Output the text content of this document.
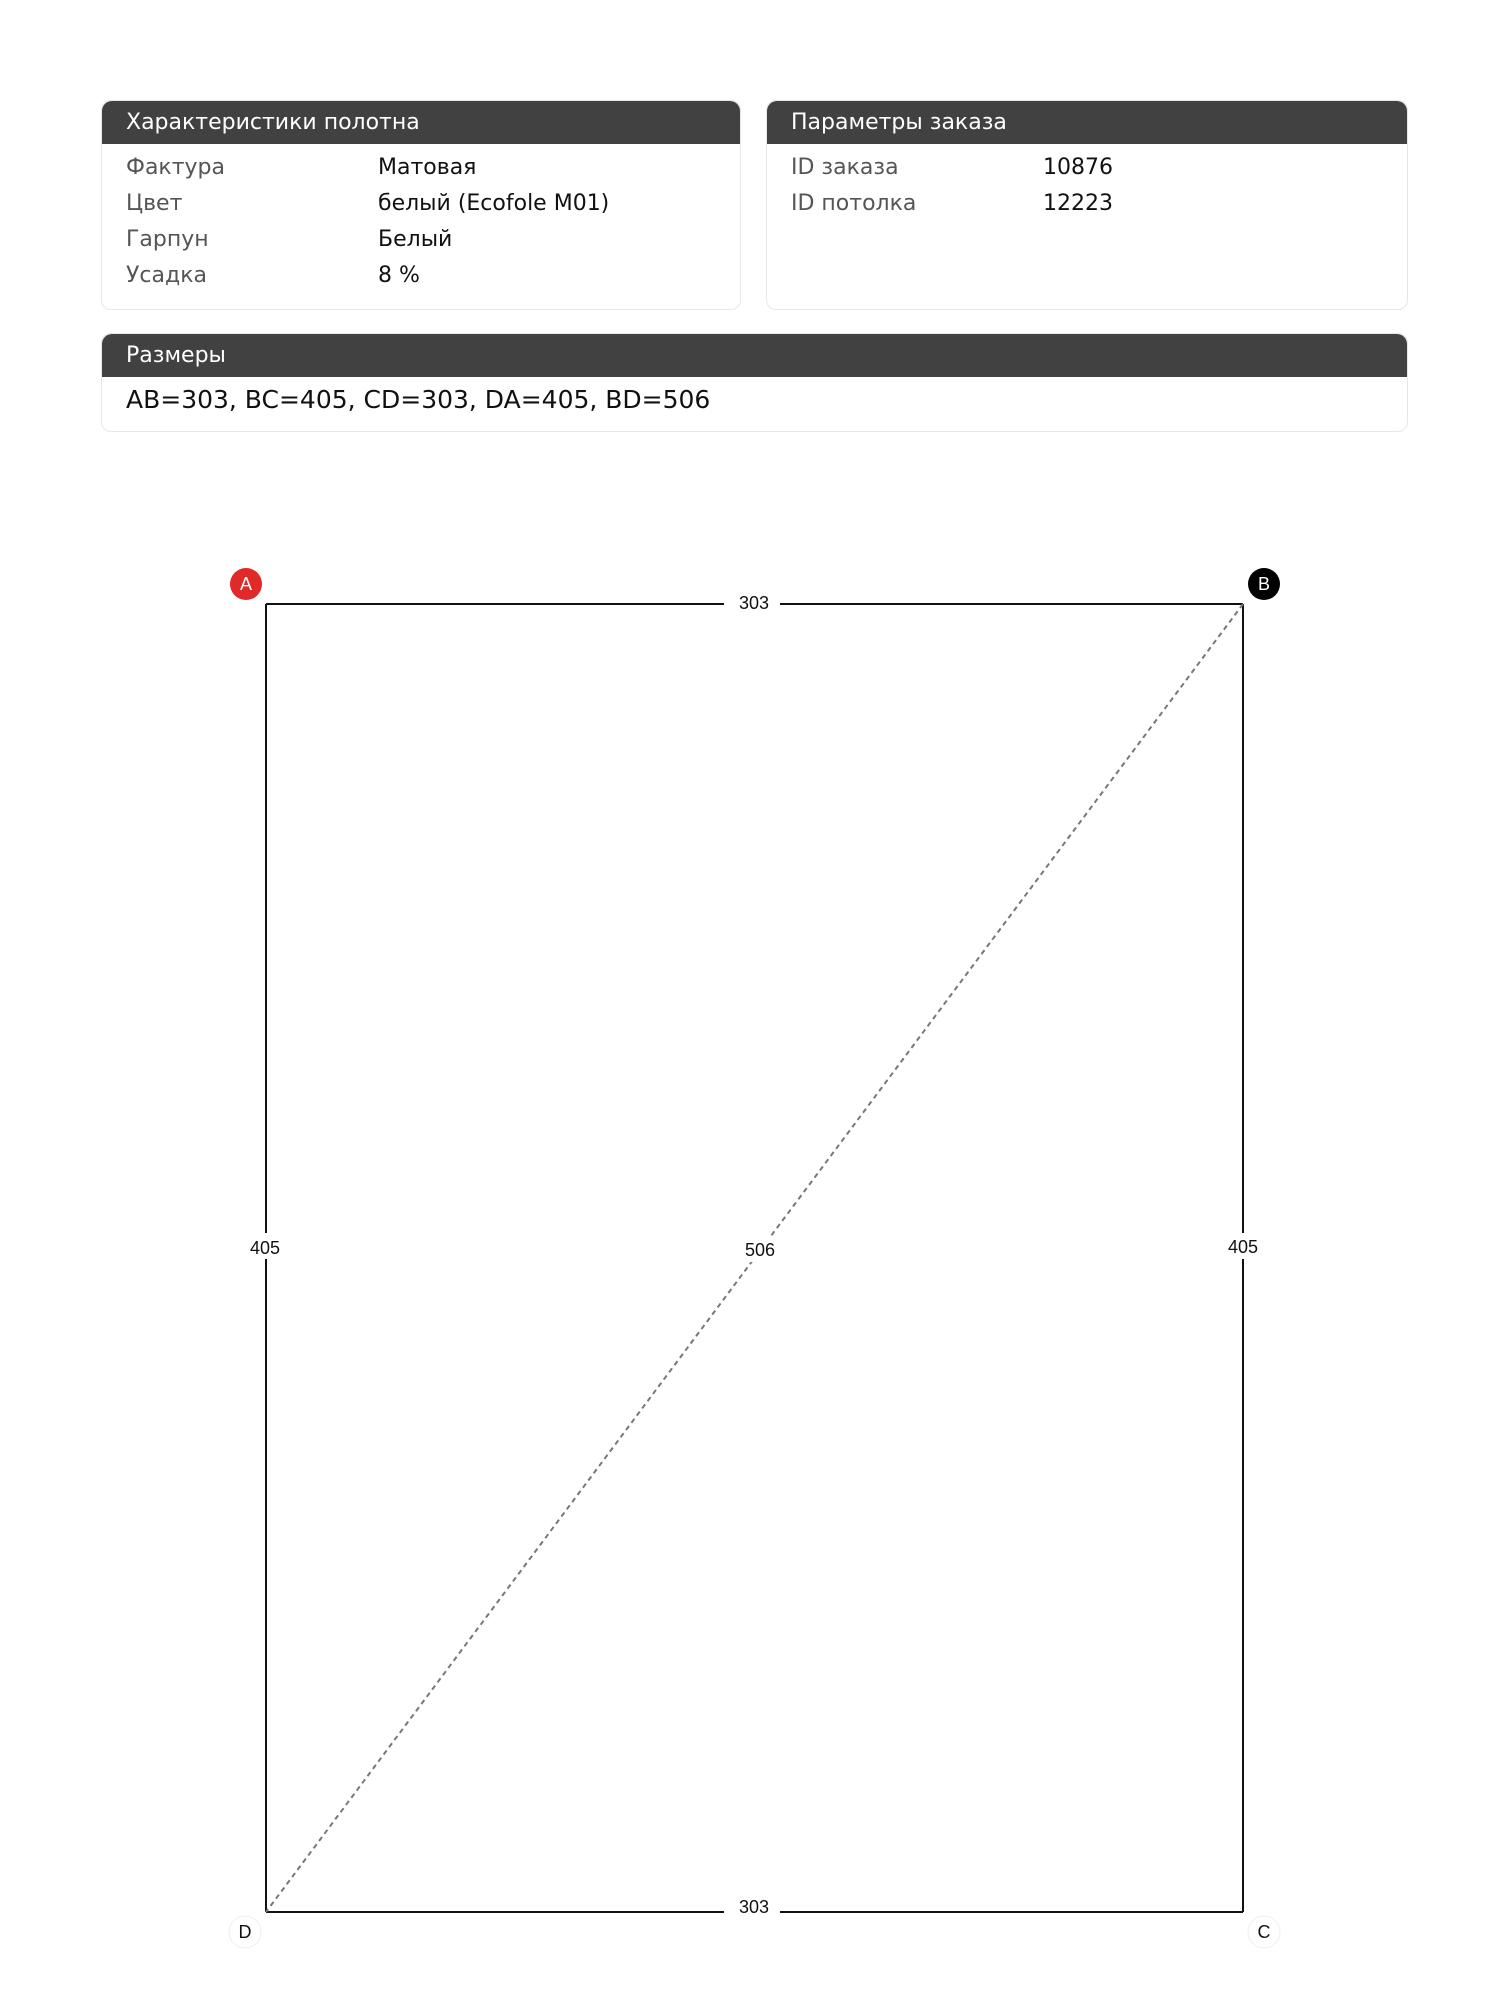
Характеристики полотна
Фактура	Матовая
Цвет	белый (Ecofole M01)
Гарпун	Белый
Усадка	8 %
Параметры заказа
ID заказа	10876
ID потолка	12223
Размеры
AB=303, BC=405, CD=303, DA=405, BD=506
303
303
405	405
506
A	B
C
D
